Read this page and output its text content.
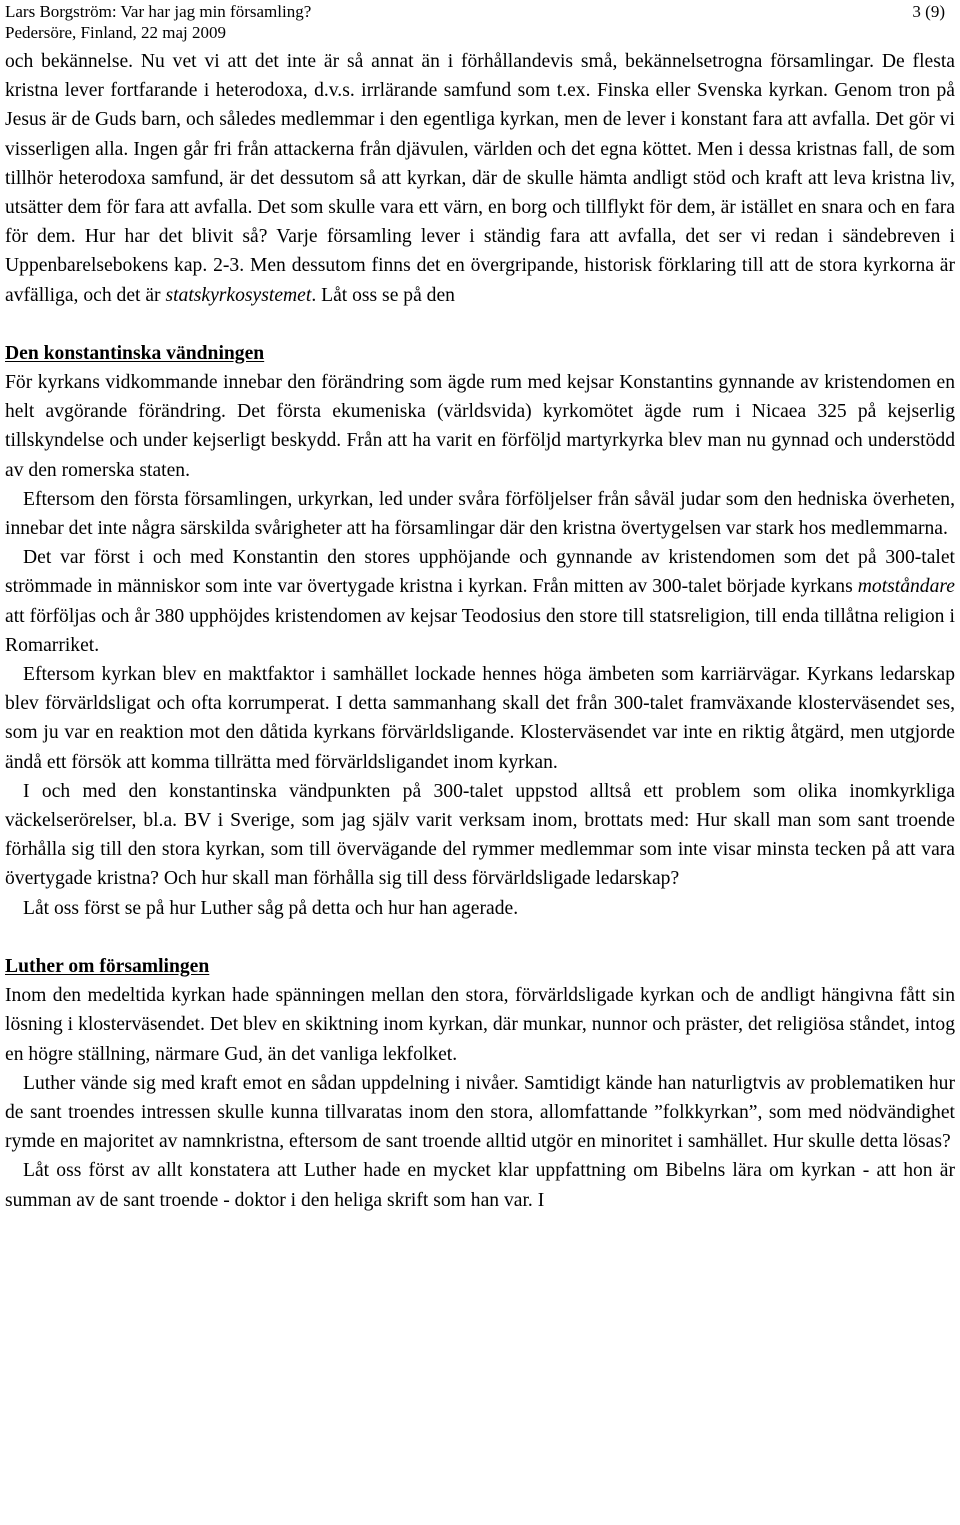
Lars Borgström: Var har jag min församling?
Pedersöre, Finland, 22 maj 2009
3 (9)

och bekännelse. Nu vet vi att det inte är så annat än i förhållandevis små, bekännelsetrogna församlingar. De flesta kristna lever fortfarande i heterodoxa, d.v.s. irrlärande samfund som t.ex. Finska eller Svenska kyrkan. Genom tron på Jesus är de Guds barn, och således medlemmar i den egentliga kyrkan, men de lever i konstant fara att avfalla. Det gör vi visserligen alla. Ingen går fri från attackerna från djävulen, världen och det egna köttet. Men i dessa kristnas fall, de som tillhör heterodoxa samfund, är det dessutom så att kyrkan, där de skulle hämta andligt stöd och kraft att leva kristna liv, utsätter dem för fara att avfalla. Det som skulle vara ett värn, en borg och tillflykt för dem, är istället en snara och en fara för dem. Hur har det blivit så? Varje församling lever i ständig fara att avfalla, det ser vi redan i sändebreven i Uppenbarelsebokens kap. 2-3. Men dessutom finns det en övergripande, historisk förklaring till att de stora kyrkorna är avfälliga, och det är statskyrkosystemet. Låt oss se på den

Den konstantinska vändningen

För kyrkans vidkommande innebar den förändring som ägde rum med kejsar Konstantins gynnande av kristendomen en helt avgörande förändring. Det första ekumeniska (världsvida) kyrkomötet ägde rum i Nicaea 325 på kejserlig tillskyndelse och under kejserligt beskydd. Från att ha varit en förföljd martyrkyrka blev man nu gynnad och understödd av den romerska staten.

Eftersom den första församlingen, urkyrkan, led under svåra förföljelser från såväl judar som den hedniska överheten, innebar det inte några särskilda svårigheter att ha församlingar där den kristna övertygelsen var stark hos medlemmarna.

Det var först i och med Konstantin den stores upphöjande och gynnande av kristendomen som det på 300-talet strömmade in människor som inte var övertygade kristna i kyrkan. Från mitten av 300-talet började kyrkans motståndare att förföljas och år 380 upphöjdes kristendomen av kejsar Teodosius den store till statsreligion, till enda tillåtna religion i Romarriket.

Eftersom kyrkan blev en maktfaktor i samhället lockade hennes höga ämbeten som karriärvägar. Kyrkans ledarskap blev förvärldsligat och ofta korrumperat. I detta sammanhang skall det från 300-talet framväxande klosterväsendet ses, som ju var en reaktion mot den dåtida kyrkans förvärldsligande. Klosterväsendet var inte en riktig åtgärd, men utgjorde ändå ett försök att komma tillrätta med förvärldsligandet inom kyrkan.

I och med den konstantinska vändpunkten på 300-talet uppstod alltså ett problem som olika inomkyrkliga väckelserörelser, bl.a. BV i Sverige, som jag själv varit verksam inom, brottats med: Hur skall man som sant troende förhålla sig till den stora kyrkan, som till övervägande del rymmer medlemmar som inte visar minsta tecken på att vara övertygade kristna? Och hur skall man förhålla sig till dess förvärldsligade ledarskap?

Låt oss först se på hur Luther såg på detta och hur han agerade.

Luther om församlingen

Inom den medeltida kyrkan hade spänningen mellan den stora, förvärldsligade kyrkan och de andligt hängivna fått sin lösning i klosterväsendet. Det blev en skiktning inom kyrkan, där munkar, nunnor och präster, det religiösa ståndet, intog en högre ställning, närmare Gud, än det vanliga lekfolket.

Luther vände sig med kraft emot en sådan uppdelning i nivåer. Samtidigt kände han naturligtvis av problematiken hur de sant troendes intressen skulle kunna tillvaratas inom den stora, allomfattande ”folkkyrkan”, som med nödvändighet rymde en majoritet av namnkristna, eftersom de sant troende alltid utgör en minoritet i samhället. Hur skulle detta lösas?

Låt oss först av allt konstatera att Luther hade en mycket klar uppfattning om Bibelns lära om kyrkan - att hon är summan av de sant troende - doktor i den heliga skrift som han var. I
